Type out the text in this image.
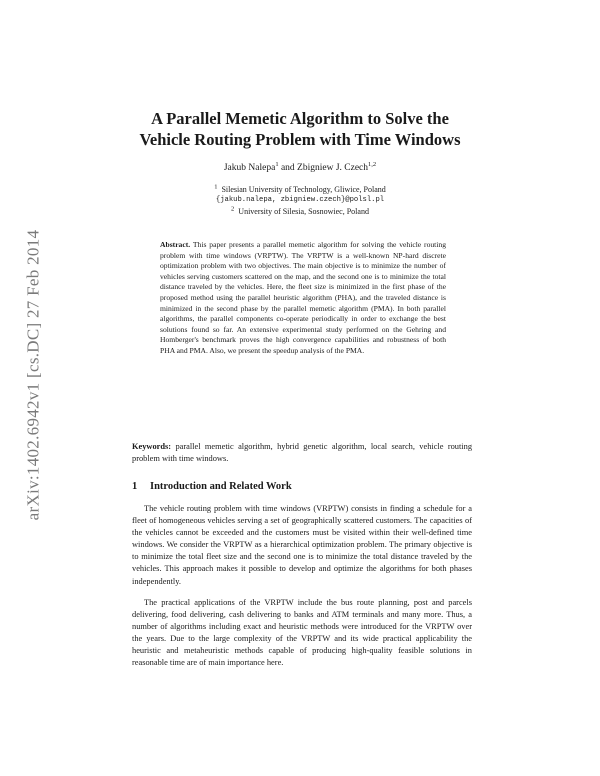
arXiv:1402.6942v1 [cs.DC] 27 Feb 2014
A Parallel Memetic Algorithm to Solve the
Vehicle Routing Problem with Time Windows
Jakub Nalepa$^1$ and Zbigniew J. Czech$^{1,2}$
$^1$ Silesian University of Technology, Gliwice, Poland
{jakub.nalepa, zbigniew.czech}@polsl.pl
$^2$ University of Silesia, Sosnowiec, Poland

Abstract. This paper presents a parallel memetic algorithm for solving the vehicle routing problem with time windows (VRPTW). The VRPTW is a well-known NP-hard discrete optimization problem with two objectives. The main objective is to minimize the number of vehicles serving customers scattered on the map, and the second one is to minimize the total distance traveled by the vehicles. Here, the fleet size is minimized in the first phase of the proposed method using the parallel heuristic algorithm (PHA), and the traveled distance is minimized in the second phase by the parallel memetic algorithm (PMA). In both parallel algorithms, the parallel components co-operate periodically in order to exchange the best solutions found so far. An extensive experimental study performed on the Gehring and Homberger's benchmark proves the high convergence capabilities and robustness of both PHA and PMA. Also, we present the speedup analysis of the PMA.

Keywords: parallel memetic algorithm, hybrid genetic algorithm, local search, vehicle routing problem with time windows.

1 Introduction and Related Work

The vehicle routing problem with time windows (VRPTW) consists in finding a schedule for a fleet of homogeneous vehicles serving a set of geographically scattered customers. The capacities of the vehicles cannot be exceeded and the customers must be visited within their well-defined time windows. We consider the VRPTW as a hierarchical optimization problem. The primary objective is to minimize the total fleet size and the second one is to minimize the total distance traveled by the vehicles. This approach makes it possible to develop and optimize the algorithms for both phases independently.

The practical applications of the VRPTW include the bus route planning, post and parcels delivering, food delivering, cash delivering to banks and ATM terminals and many more. Thus, a number of algorithms including exact and heuristic methods were introduced for the VRPTW over the years. Due to the large complexity of the VRPTW and its wide practical applicability the heuristic and metaheuristic methods capable of producing high-quality feasible solutions in reasonable time are of main importance here.
